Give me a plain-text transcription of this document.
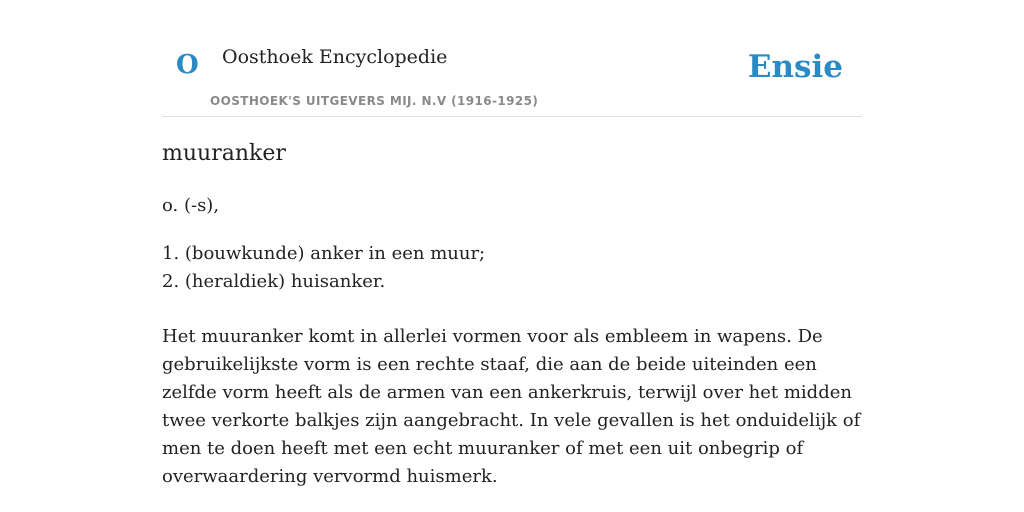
O Oosthoek Encyclopedie
OOSTHOEK'S UITGEVERS MIJ. N.V (1916-1925)
Ensie
muuranker
o. (-s),
1. (bouwkunde) anker in een muur;
2. (heraldiek) huisanker.

Het muuranker komt in allerlei vormen voor als embleem in wapens. De gebruikelijkste vorm is een rechte staaf, die aan de beide uiteinden een zelfde vorm heeft als de armen van een ankerkruis, terwijl over het midden twee verkorte balkjes zijn aangebracht. In vele gevallen is het onduidelijk of men te doen heeft met een echt muuranker of met een uit onbegrip of overwaardering vervormd huismerk.
